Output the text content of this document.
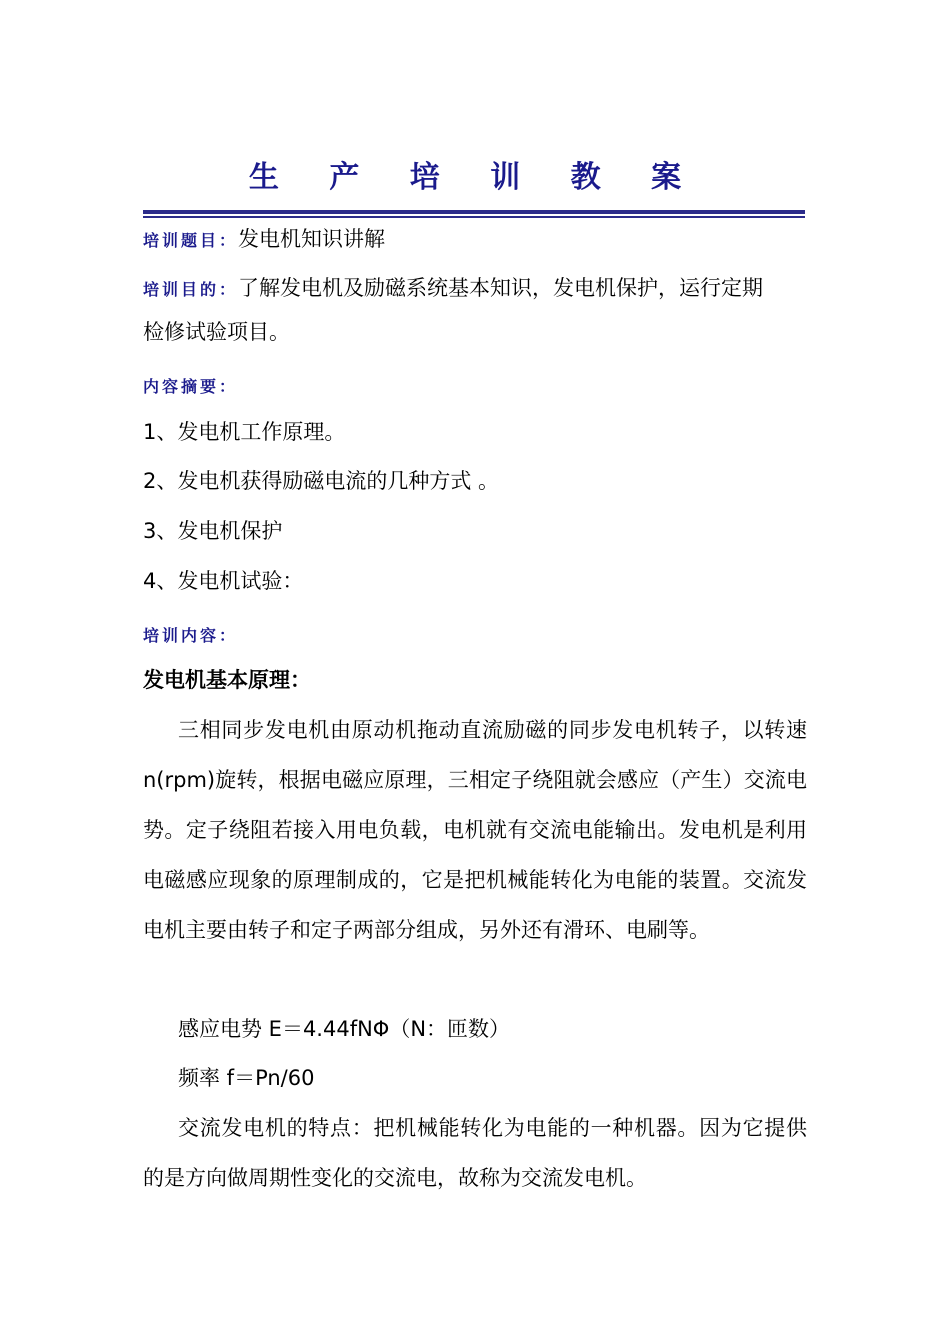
生 产 培 训 教 案
培训题目：发电机知识讲解
培训目的：了解发电机及励磁系统基本知识，发电机保护，运行定期
检修试验项目。
内容摘要：
1、发电机工作原理。
2、发电机获得励磁电流的几种方式 。
3、发电机保护
4、发电机试验：
培训内容：
发电机基本原理：
三相同步发电机由原动机拖动直流励磁的同步发电机转子，以转速 n(rpm)旋转，根据电磁应原理，三相定子绕阻就会感应（产生）交流电势。定子绕阻若接入用电负载，电机就有交流电能输出。发电机是利用电磁感应现象的原理制成的，它是把机械能转化为电能的装置。交流发电机主要由转子和定子两部分组成，另外还有滑环、电刷等。
感应电势 E＝4.44fNΦ（N：匝数）
频率 f＝Pn/60
交流发电机的特点：把机械能转化为电能的一种机器。因为它提供的是方向做周期性变化的交流电，故称为交流发电机。
